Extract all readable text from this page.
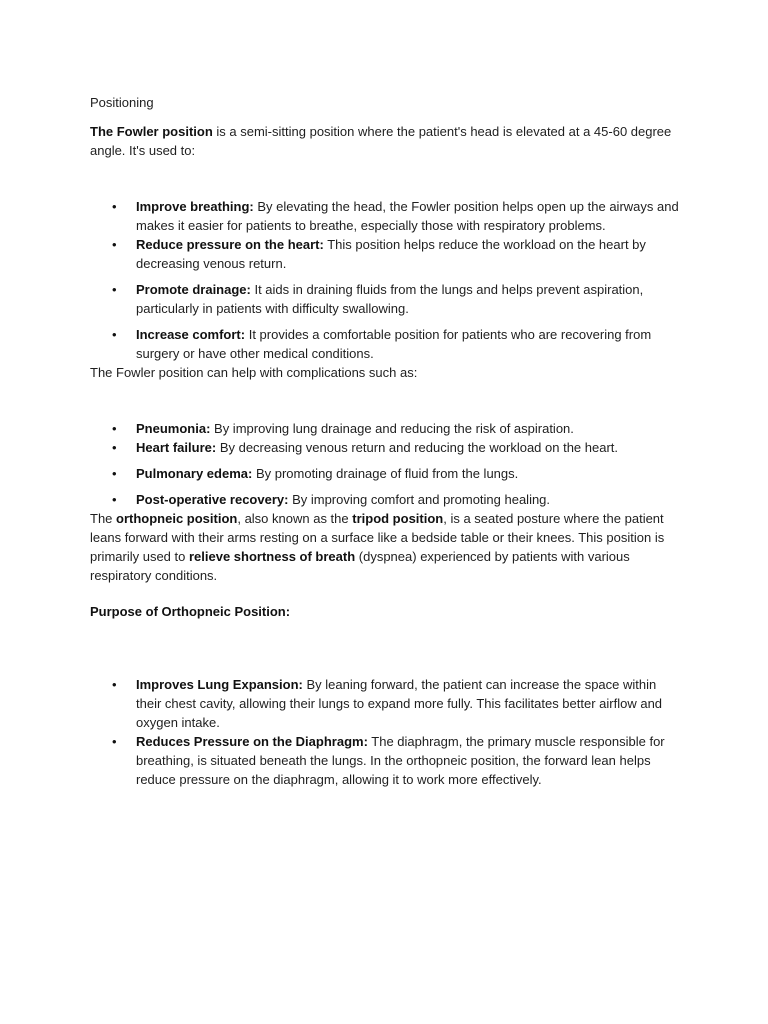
Positioning

The Fowler position is a semi-sitting position where the patient's head is elevated at a 45-60 degree angle. It's used to:

• Improve breathing: By elevating the head, the Fowler position helps open up the airways and makes it easier for patients to breathe, especially those with respiratory problems.
• Reduce pressure on the heart: This position helps reduce the workload on the heart by decreasing venous return.
• Promote drainage: It aids in draining fluids from the lungs and helps prevent aspiration, particularly in patients with difficulty swallowing.
• Increase comfort: It provides a comfortable position for patients who are recovering from surgery or have other medical conditions.

The Fowler position can help with complications such as:

• Pneumonia: By improving lung drainage and reducing the risk of aspiration.
• Heart failure: By decreasing venous return and reducing the workload on the heart.
• Pulmonary edema: By promoting drainage of fluid from the lungs.
• Post-operative recovery: By improving comfort and promoting healing.

The orthopneic position, also known as the tripod position, is a seated posture where the patient leans forward with their arms resting on a surface like a bedside table or their knees. This position is primarily used to relieve shortness of breath (dyspnea) experienced by patients with various respiratory conditions.

Purpose of Orthopneic Position:

• Improves Lung Expansion: By leaning forward, the patient can increase the space within their chest cavity, allowing their lungs to expand more fully. This facilitates better airflow and oxygen intake.
• Reduces Pressure on the Diaphragm: The diaphragm, the primary muscle responsible for breathing, is situated beneath the lungs. In the orthopneic position, the forward lean helps reduce pressure on the diaphragm, allowing it to work more effectively.
